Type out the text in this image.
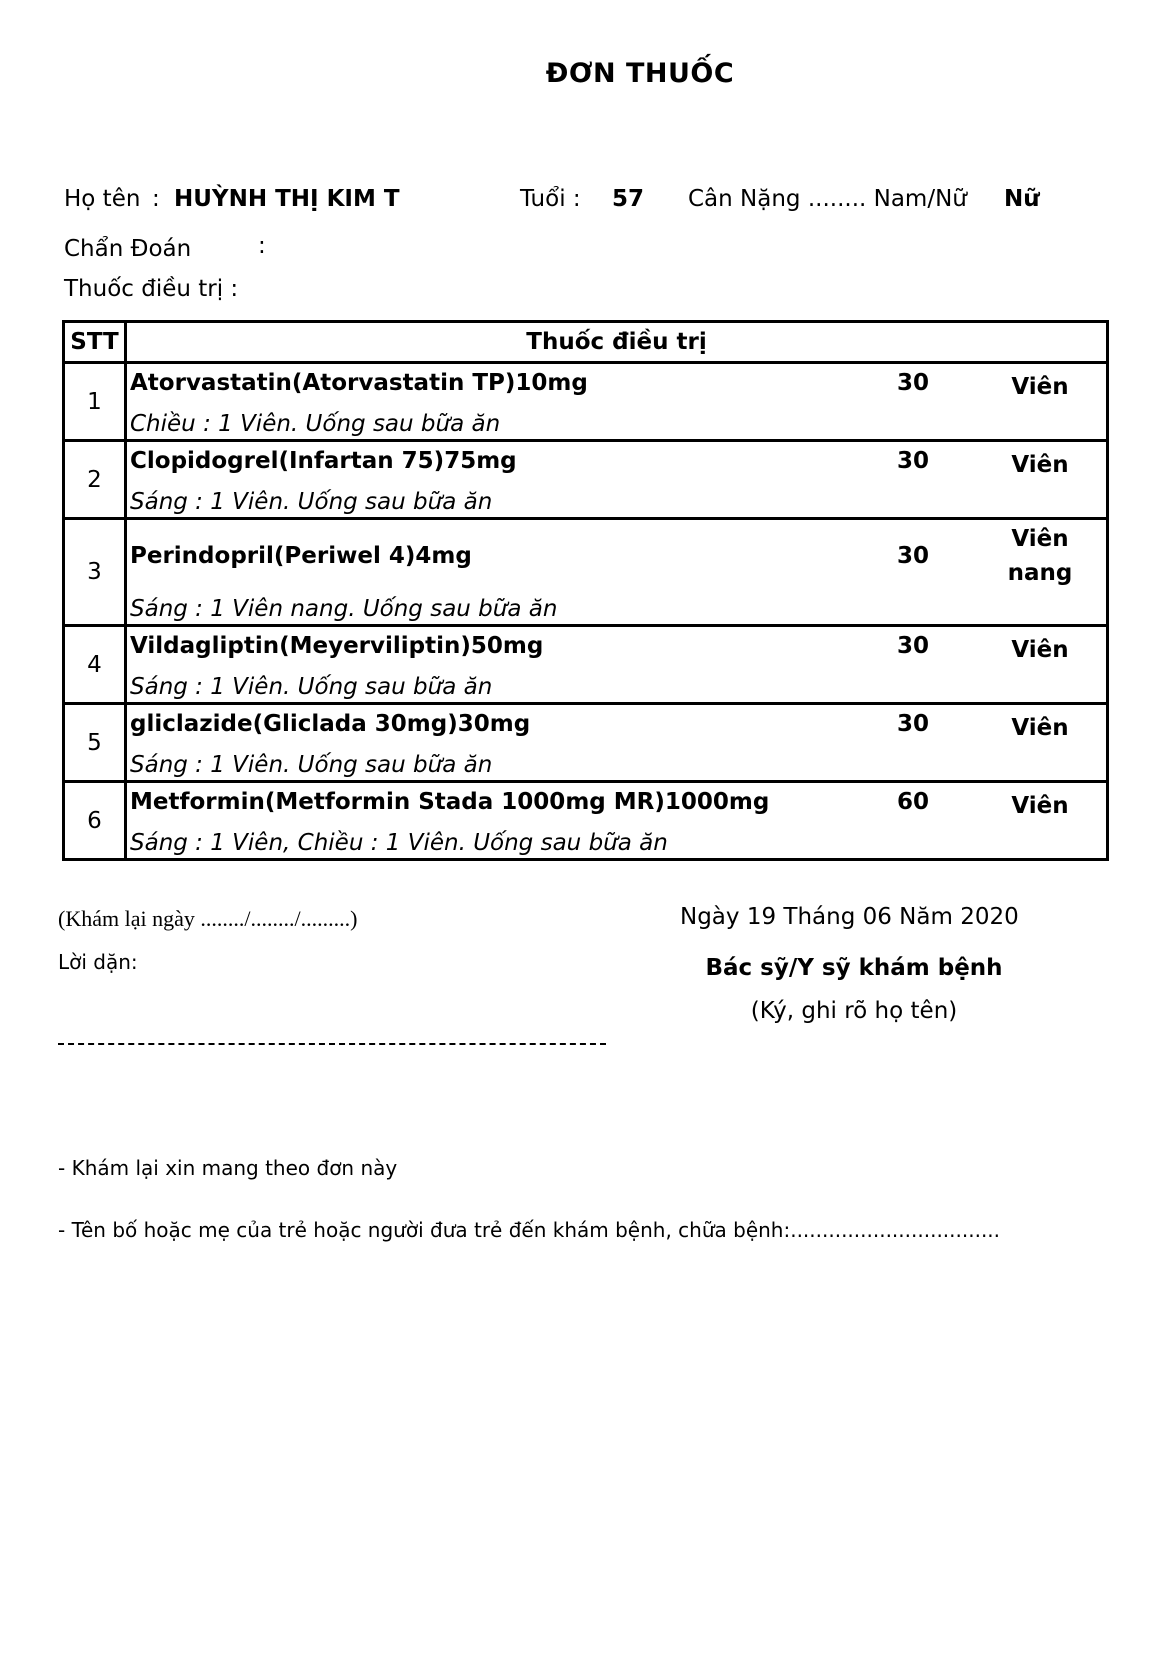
ĐƠN THUỐC
Họ tên : HUỲNH THỊ KIM T	Tuổi : 57 Cân Nặng ........ Nam/Nữ Nữ
Chẩn Đoán	:
Thuốc điều trị :
STT	Thuốc điều trị
1	Atorvastatin(Atorvastatin TP)10mg 30 Viên
Chiều : 1 Viên. Uống sau bữa ăn

2	Clopidogrel(Infartan 75)75mg 30 Viên
Sáng : 1 Viên. Uống sau bữa ăn

3	Perindopril(Periwel 4)4mg 30
Viên nang
Sáng : 1 Viên nang. Uống sau bữa ăn

4	Vildagliptin(Meyerviliptin)50mg 30 Viên
Sáng : 1 Viên. Uống sau bữa ăn

5	gliclazide(Gliclada 30mg)30mg 30 Viên
Sáng : 1 Viên. Uống sau bữa ăn

6	Metformin(Metformin Stada 1000mg MR)1000mg 60 Viên
Sáng : 1 Viên, Chiều : 1 Viên. Uống sau bữa ăn
(Khám lại ngày ......../......../.........)	Ngày 19 Tháng 06 Năm 2020
Lời dặn:	Bác sỹ/Y sỹ khám bệnh
(Ký, ghi rõ họ tên)
- Khám lại xin mang theo đơn này
- Tên bố hoặc mẹ của trẻ hoặc người đưa trẻ đến khám bệnh, chữa bệnh:.................................
